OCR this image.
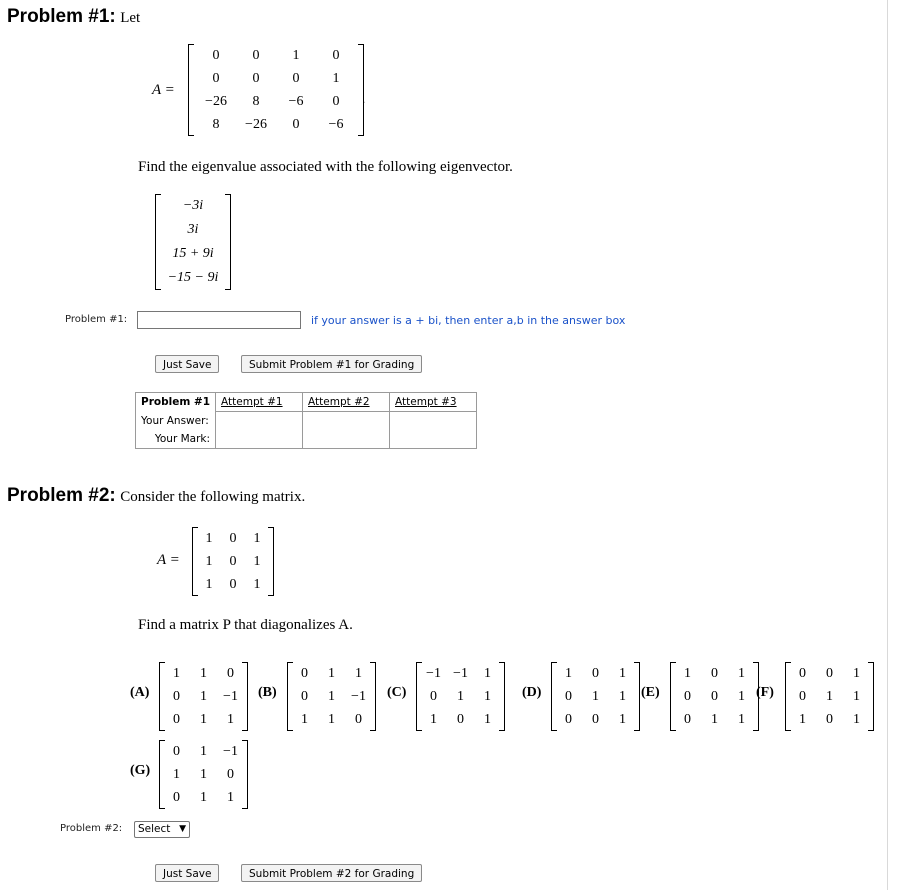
Problem #1: Let
A =
0	0	1	0
0	0	0	1
−26	8	−6	0
8	−26	0	−6
.
Find the eigenvalue associated with the following eigenvector.
−3i
3i
15 + 9i
−15 − 9i
Problem #1:	if your answer is a + bi, then enter a,b in the answer box
Just Save	Submit Problem #1 for Grading
Problem #1	Attempt #1	Attempt #2	Attempt #3
Your Answer:			
Your Mark:			
Problem #2: Consider the following matrix.
A =
1	0	1
1	0	1
1	0	1
Find a matrix P that diagonalizes A.
(A)
1	1	0
0	1	−1
0	1	1
(B)
0	1	1
0	1	−1
1	1	0
(C)
−1	−1	1
0	1	1
1	0	1
(D)
1	0	1
0	1	1
0	0	1
(E)
1	0	1
0	0	1
0	1	1
(F)
0	0	1
0	1	1
1	0	1
(G)
0	1	−1
1	1	0
0	1	1
Problem #2:	Select ▼
Just Save	Submit Problem #2 for Grading
